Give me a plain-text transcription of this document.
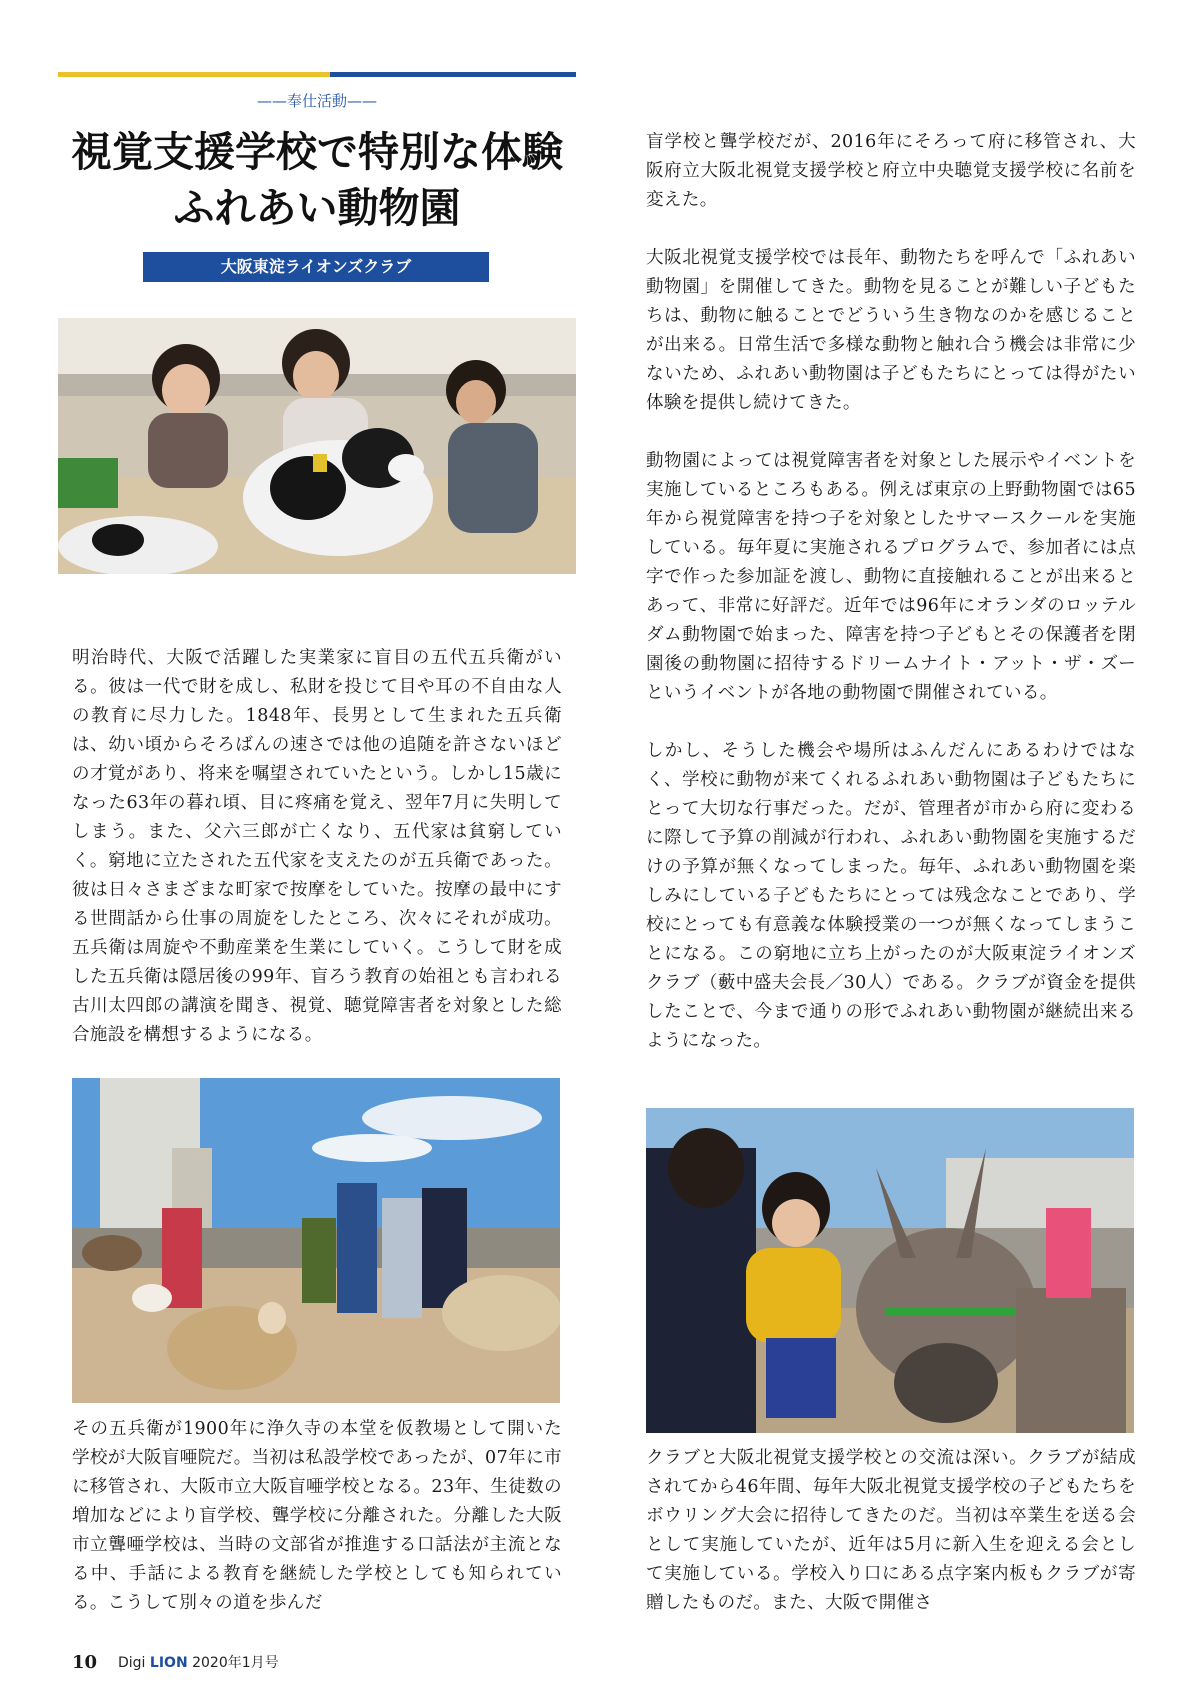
——奉仕活動——
視覚支援学校で特別な体験
ふれあい動物園
大阪東淀ライオンズクラブ

明治時代、大阪で活躍した実業家に盲目の五代五兵衛がいる。彼は一代で財を成し、私財を投じて目や耳の不自由な人の教育に尽力した。1848年、長男として生まれた五兵衛は、幼い頃からそろばんの速さでは他の追随を許さないほどの才覚があり、将来を嘱望されていたという。しかし15歳になった63年の暮れ頃、目に疼痛を覚え、翌年7月に失明してしまう。また、父六三郎が亡くなり、五代家は貧窮していく。窮地に立たされた五代家を支えたのが五兵衛であった。彼は日々さまざまな町家で按摩をしていた。按摩の最中にする世間話から仕事の周旋をしたところ、次々にそれが成功。五兵衛は周旋や不動産業を生業にしていく。こうして財を成した五兵衛は隠居後の99年、盲ろう教育の始祖とも言われる古川太四郎の講演を聞き、視覚、聴覚障害者を対象とした総合施設を構想するようになる。

その五兵衛が1900年に浄久寺の本堂を仮教場として開いた学校が大阪盲唖院だ。当初は私設学校であったが、07年に市に移管され、大阪市立大阪盲唖学校となる。23年、生徒数の増加などにより盲学校、聾学校に分離された。分離した大阪市立聾唖学校は、当時の文部省が推進する口話法が主流となる中、手話による教育を継続した学校としても知られている。こうして別々の道を歩んだ

盲学校と聾学校だが、2016年にそろって府に移管され、大阪府立大阪北視覚支援学校と府立中央聴覚支援学校に名前を変えた。

大阪北視覚支援学校では長年、動物たちを呼んで「ふれあい動物園」を開催してきた。動物を見ることが難しい子どもたちは、動物に触ることでどういう生き物なのかを感じることが出来る。日常生活で多様な動物と触れ合う機会は非常に少ないため、ふれあい動物園は子どもたちにとっては得がたい体験を提供し続けてきた。

動物園によっては視覚障害者を対象とした展示やイベントを実施しているところもある。例えば東京の上野動物園では65年から視覚障害を持つ子を対象としたサマースクールを実施している。毎年夏に実施されるプログラムで、参加者には点字で作った参加証を渡し、動物に直接触れることが出来るとあって、非常に好評だ。近年では96年にオランダのロッテルダム動物園で始まった、障害を持つ子どもとその保護者を閉園後の動物園に招待するドリームナイト・アット・ザ・ズーというイベントが各地の動物園で開催されている。

しかし、そうした機会や場所はふんだんにあるわけではなく、学校に動物が来てくれるふれあい動物園は子どもたちにとって大切な行事だった。だが、管理者が市から府に変わるに際して予算の削減が行われ、ふれあい動物園を実施するだけの予算が無くなってしまった。毎年、ふれあい動物園を楽しみにしている子どもたちにとっては残念なことであり、学校にとっても有意義な体験授業の一つが無くなってしまうことになる。この窮地に立ち上がったのが大阪東淀ライオンズクラブ（藪中盛夫会長／30人）である。クラブが資金を提供したことで、今まで通りの形でふれあい動物園が継続出来るようになった。

クラブと大阪北視覚支援学校との交流は深い。クラブが結成されてから46年間、毎年大阪北視覚支援学校の子どもたちをボウリング大会に招待してきたのだ。当初は卒業生を送る会として実施していたが、近年は5月に新入生を迎える会として実施している。学校入り口にある点字案内板もクラブが寄贈したものだ。また、大阪で開催さ

10 Digi LION 2020年1月号
